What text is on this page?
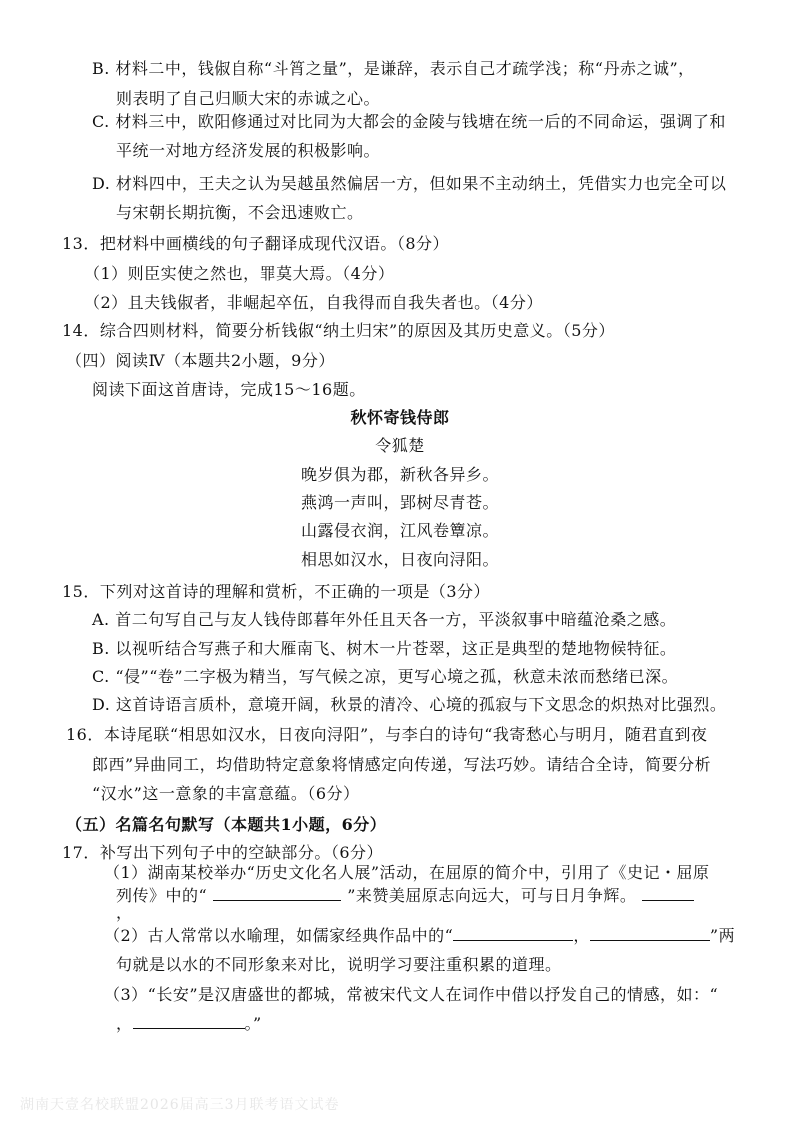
B. 材料二中，钱俶自称“斗筲之量”，是谦辞，表示自己才疏学浅；称“丹赤之诚”，
则表明了自己归顺大宋的赤诚之心。
C. 材料三中，欧阳修通过对比同为大都会的金陵与钱塘在统一后的不同命运，强调了和
平统一对地方经济发展的积极影响。
D. 材料四中，王夫之认为吴越虽然偏居一方，但如果不主动纳土，凭借实力也完全可以
与宋朝长期抗衡，不会迅速败亡。
13．把材料中画横线的句子翻译成现代汉语。（8分）
（1）则臣实使之然也，罪莫大焉。（4分）
（2）且夫钱俶者，非崛起卒伍，自我得而自我失者也。（4分）
14．综合四则材料，简要分析钱俶“纳土归宋”的原因及其历史意义。（5分）
（四）阅读Ⅳ（本题共2小题，9分）
阅读下面这首唐诗，完成15～16题。
秋怀寄钱侍郎
令狐楚
晚岁俱为郡，新秋各异乡。
燕鸿一声叫，郢树尽青苍。
山露侵衣润，江风卷簟凉。
相思如汉水，日夜向浔阳。
15．下列对这首诗的理解和赏析，不正确的一项是（3分）
A. 首二句写自己与友人钱侍郎暮年外任且天各一方，平淡叙事中暗蕴沧桑之感。
B. 以视听结合写燕子和大雁南飞、树木一片苍翠，这正是典型的楚地物候特征。
C. “侵”“卷”二字极为精当，写气候之凉，更写心境之孤，秋意未浓而愁绪已深。
D. 这首诗语言质朴，意境开阔，秋景的清冷、心境的孤寂与下文思念的炽热对比强烈。
16．本诗尾联“相思如汉水，日夜向浔阳”，与李白的诗句“我寄愁心与明月，随君直到夜
郎西”异曲同工，均借助特定意象将情感定向传递，写法巧妙。请结合全诗，简要分析
“汉水”这一意象的丰富意蕴。（6分）
（五）名篇名句默写（本题共1小题，6分）
17．补写出下列句子中的空缺部分。（6分）
（1）湖南某校举办“历史文化名人展”活动，在屈原的简介中，引用了《史记・屈原
列传》中的“	”来赞美屈原志向远大，可与日月争辉。
，
（2）古人常常以水喻理，如儒家经典作品中的“	，	”两
句就是以水的不同形象来对比，说明学习要注重积累的道理。
（3）“长安”是汉唐盛世的都城，常被宋代文人在词作中借以抒发自己的情感，如：“
，	。”
湖南天壹名校联盟2026届高三3月联考语文试卷
